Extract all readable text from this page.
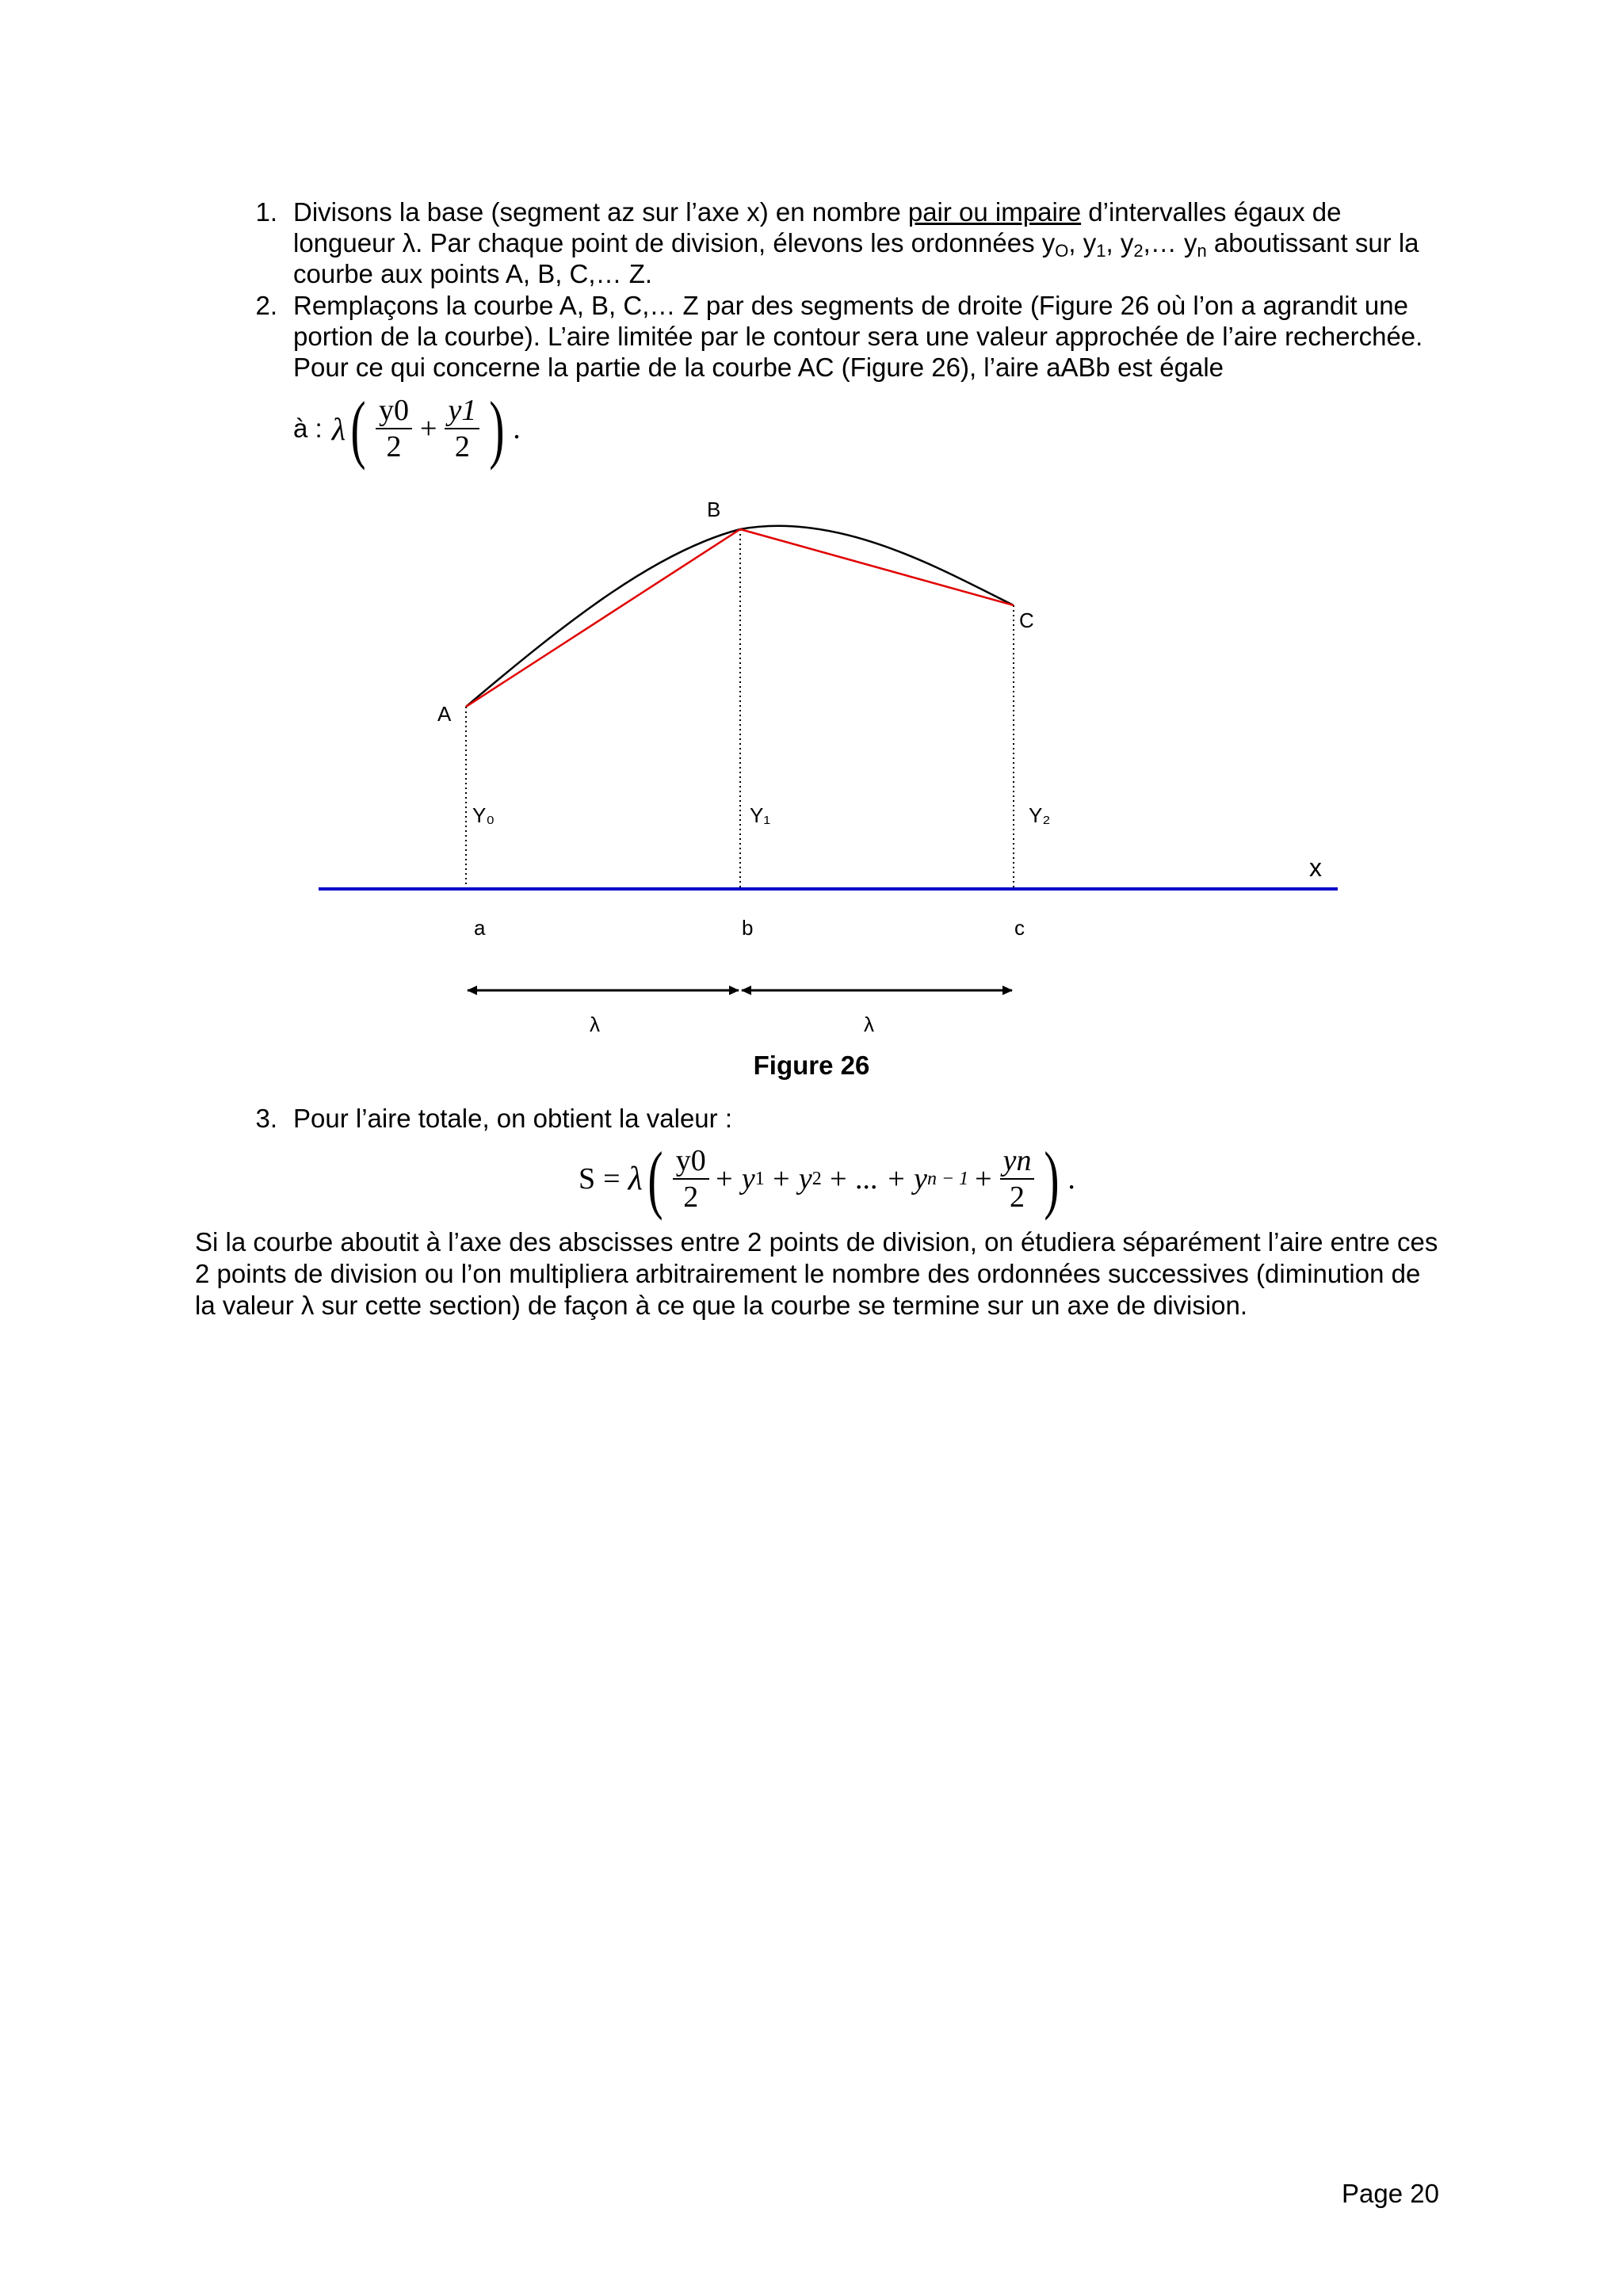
1. Divisons la base (segment az sur l’axe x) en nombre pair ou impaire d’intervalles égaux de longueur λ. Par chaque point de division, élevons les ordonnées $y_O$, $y_1$, $y_2,\dots$ $y_n$ aboutissant sur la courbe aux points A, B, C,… Z.
2. Remplaçons la courbe A, B, C,… Z par des segments de droite (Figure 26 où l’on a agrandit une portion de la courbe). L’aire limitée par le contour sera une valeur approchée de l’aire recherchée. Pour ce qui concerne la partie de la courbe AC (Figure 26), l’aire aABb est égale
à : λ ( $\frac{y0}{2} + \frac{y1}{2}$ ) .
A
B
C
Y₀	Y₁	Y₂
a	b	c
x
λ	λ
Figure 26
3. Pour l’aire totale, on obtient la valeur :
S = λ ( $\frac{y0}{2} + y$ 1 + y 2 + ... + y $n - 1 + \frac{yn}{2}$ ) .
Si la courbe aboutit à l’axe des abscisses entre 2 points de division, on étudiera séparément l’aire entre ces 2 points de division ou l’on multipliera arbitrairement le nombre des ordonnées successives (diminution de la valeur λ sur cette section) de façon à ce que la courbe se termine sur un axe de division.
Page 20
